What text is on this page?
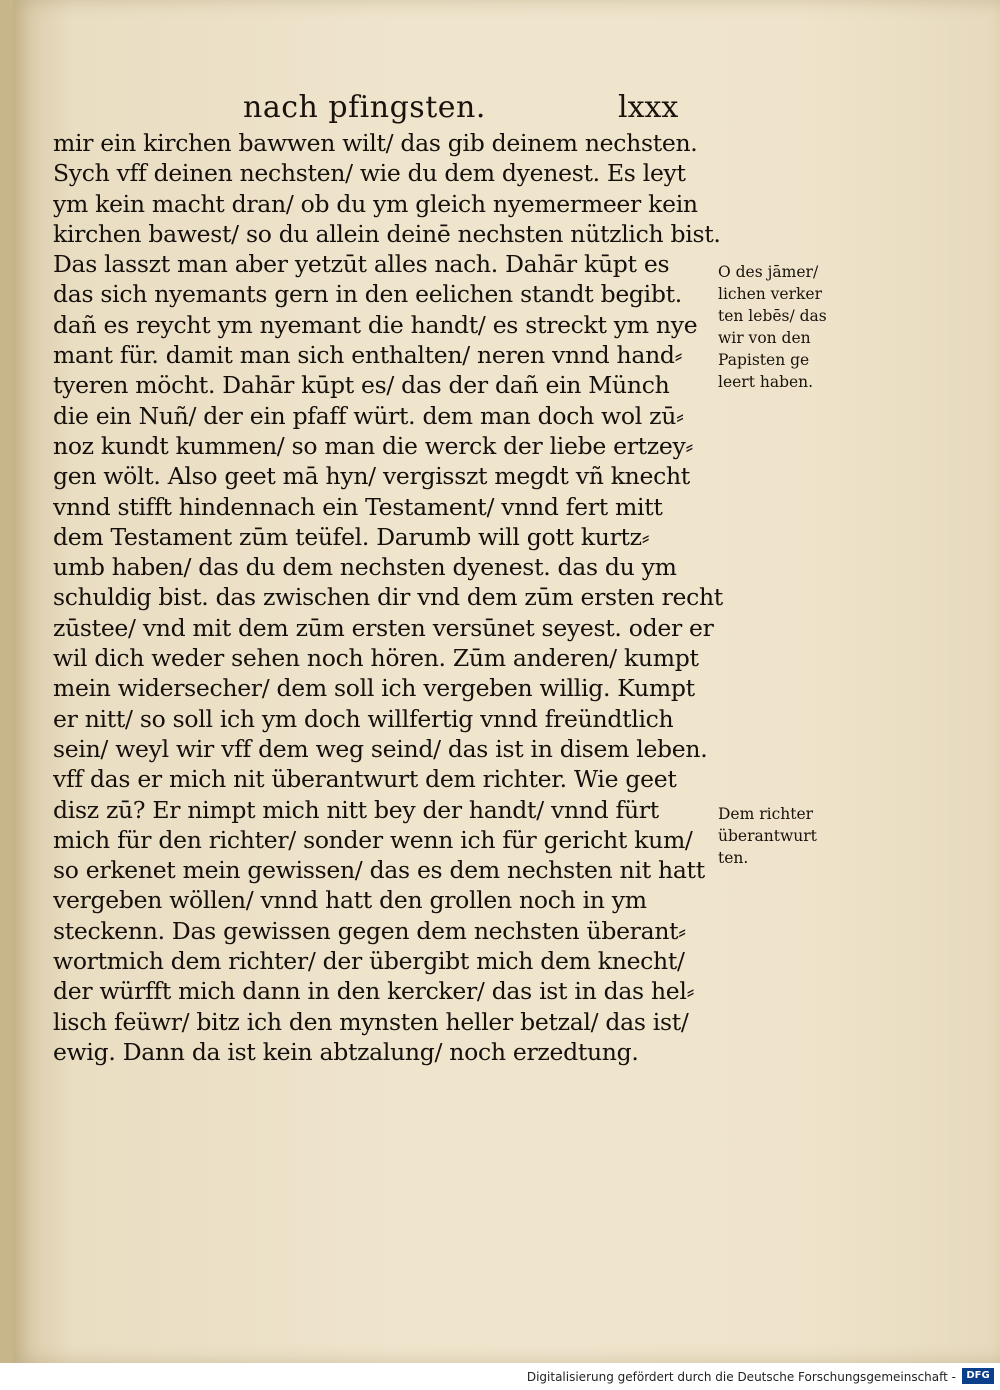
nach pfingsten.	lxxx
mir ein kirchen bawwen wilt/ das gib deinem nechsten.
Sych vff deinen nechsten/ wie du dem dyenest. Es leyt
ym kein macht dran/ ob du ym gleich nyemermeer kein
kirchen bawest/ so du allein deinē nechsten nützlich bist.
Das lasszt man aber yetzūt alles nach. Dahār kūpt es
das sich nyemants gern in den eelichen standt begibt.
dañ es reycht ym nyemant die handt/ es streckt ym nye
mant für. damit man sich enthalten/ neren vnnd hand⸗
tyeren möcht. Dahār kūpt es/ das der dañ ein Münch
die ein Nuñ/ der ein pfaff würt. dem man doch wol zū⸗
noz kundt kummen/ so man die werck der liebe ertzey⸗
gen wölt. Also geet mā hyn/ vergisszt megdt vñ knecht
vnnd stifft hindennach ein Testament/ vnnd fert mitt
dem Testament zūm teüfel. Darumb will gott kurtz⸗
umb haben/ das du dem nechsten dyenest. das du ym
schuldig bist. das zwischen dir vnd dem zūm ersten recht
zūstee/ vnd mit dem zūm ersten versūnet seyest. oder er
wil dich weder sehen noch hören. Zūm anderen/ kumpt
mein widersecher/ dem soll ich vergeben willig. Kumpt
er nitt/ so soll ich ym doch willfertig vnnd freündtlich
sein/ weyl wir vff dem weg seind/ das ist in disem leben.
vff das er mich nit überantwurt dem richter. Wie geet
disz zū? Er nimpt mich nitt bey der handt/ vnnd fürt
mich für den richter/ sonder wenn ich für gericht kum/
so erkenet mein gewissen/ das es dem nechsten nit hatt
vergeben wöllen/ vnnd hatt den grollen noch in ym
steckenn. Das gewissen gegen dem nechsten überant⸗
wortmich dem richter/ der übergibt mich dem knecht/
der würfft mich dann in den kercker/ das ist in das hel⸗
lisch feüwr/ bitz ich den mynsten heller betzal/ das ist/
ewig. Dann da ist kein abtzalung/ noch erzedtung.
O des jāmer/
lichen verker
ten lebēs/ das
wir von den
Papisten ge
leert haben.
Dem richter
überantwurt
ten.
Digitalisierung gefördert durch die Deutsche Forschungsgemeinschaft -	DFG
